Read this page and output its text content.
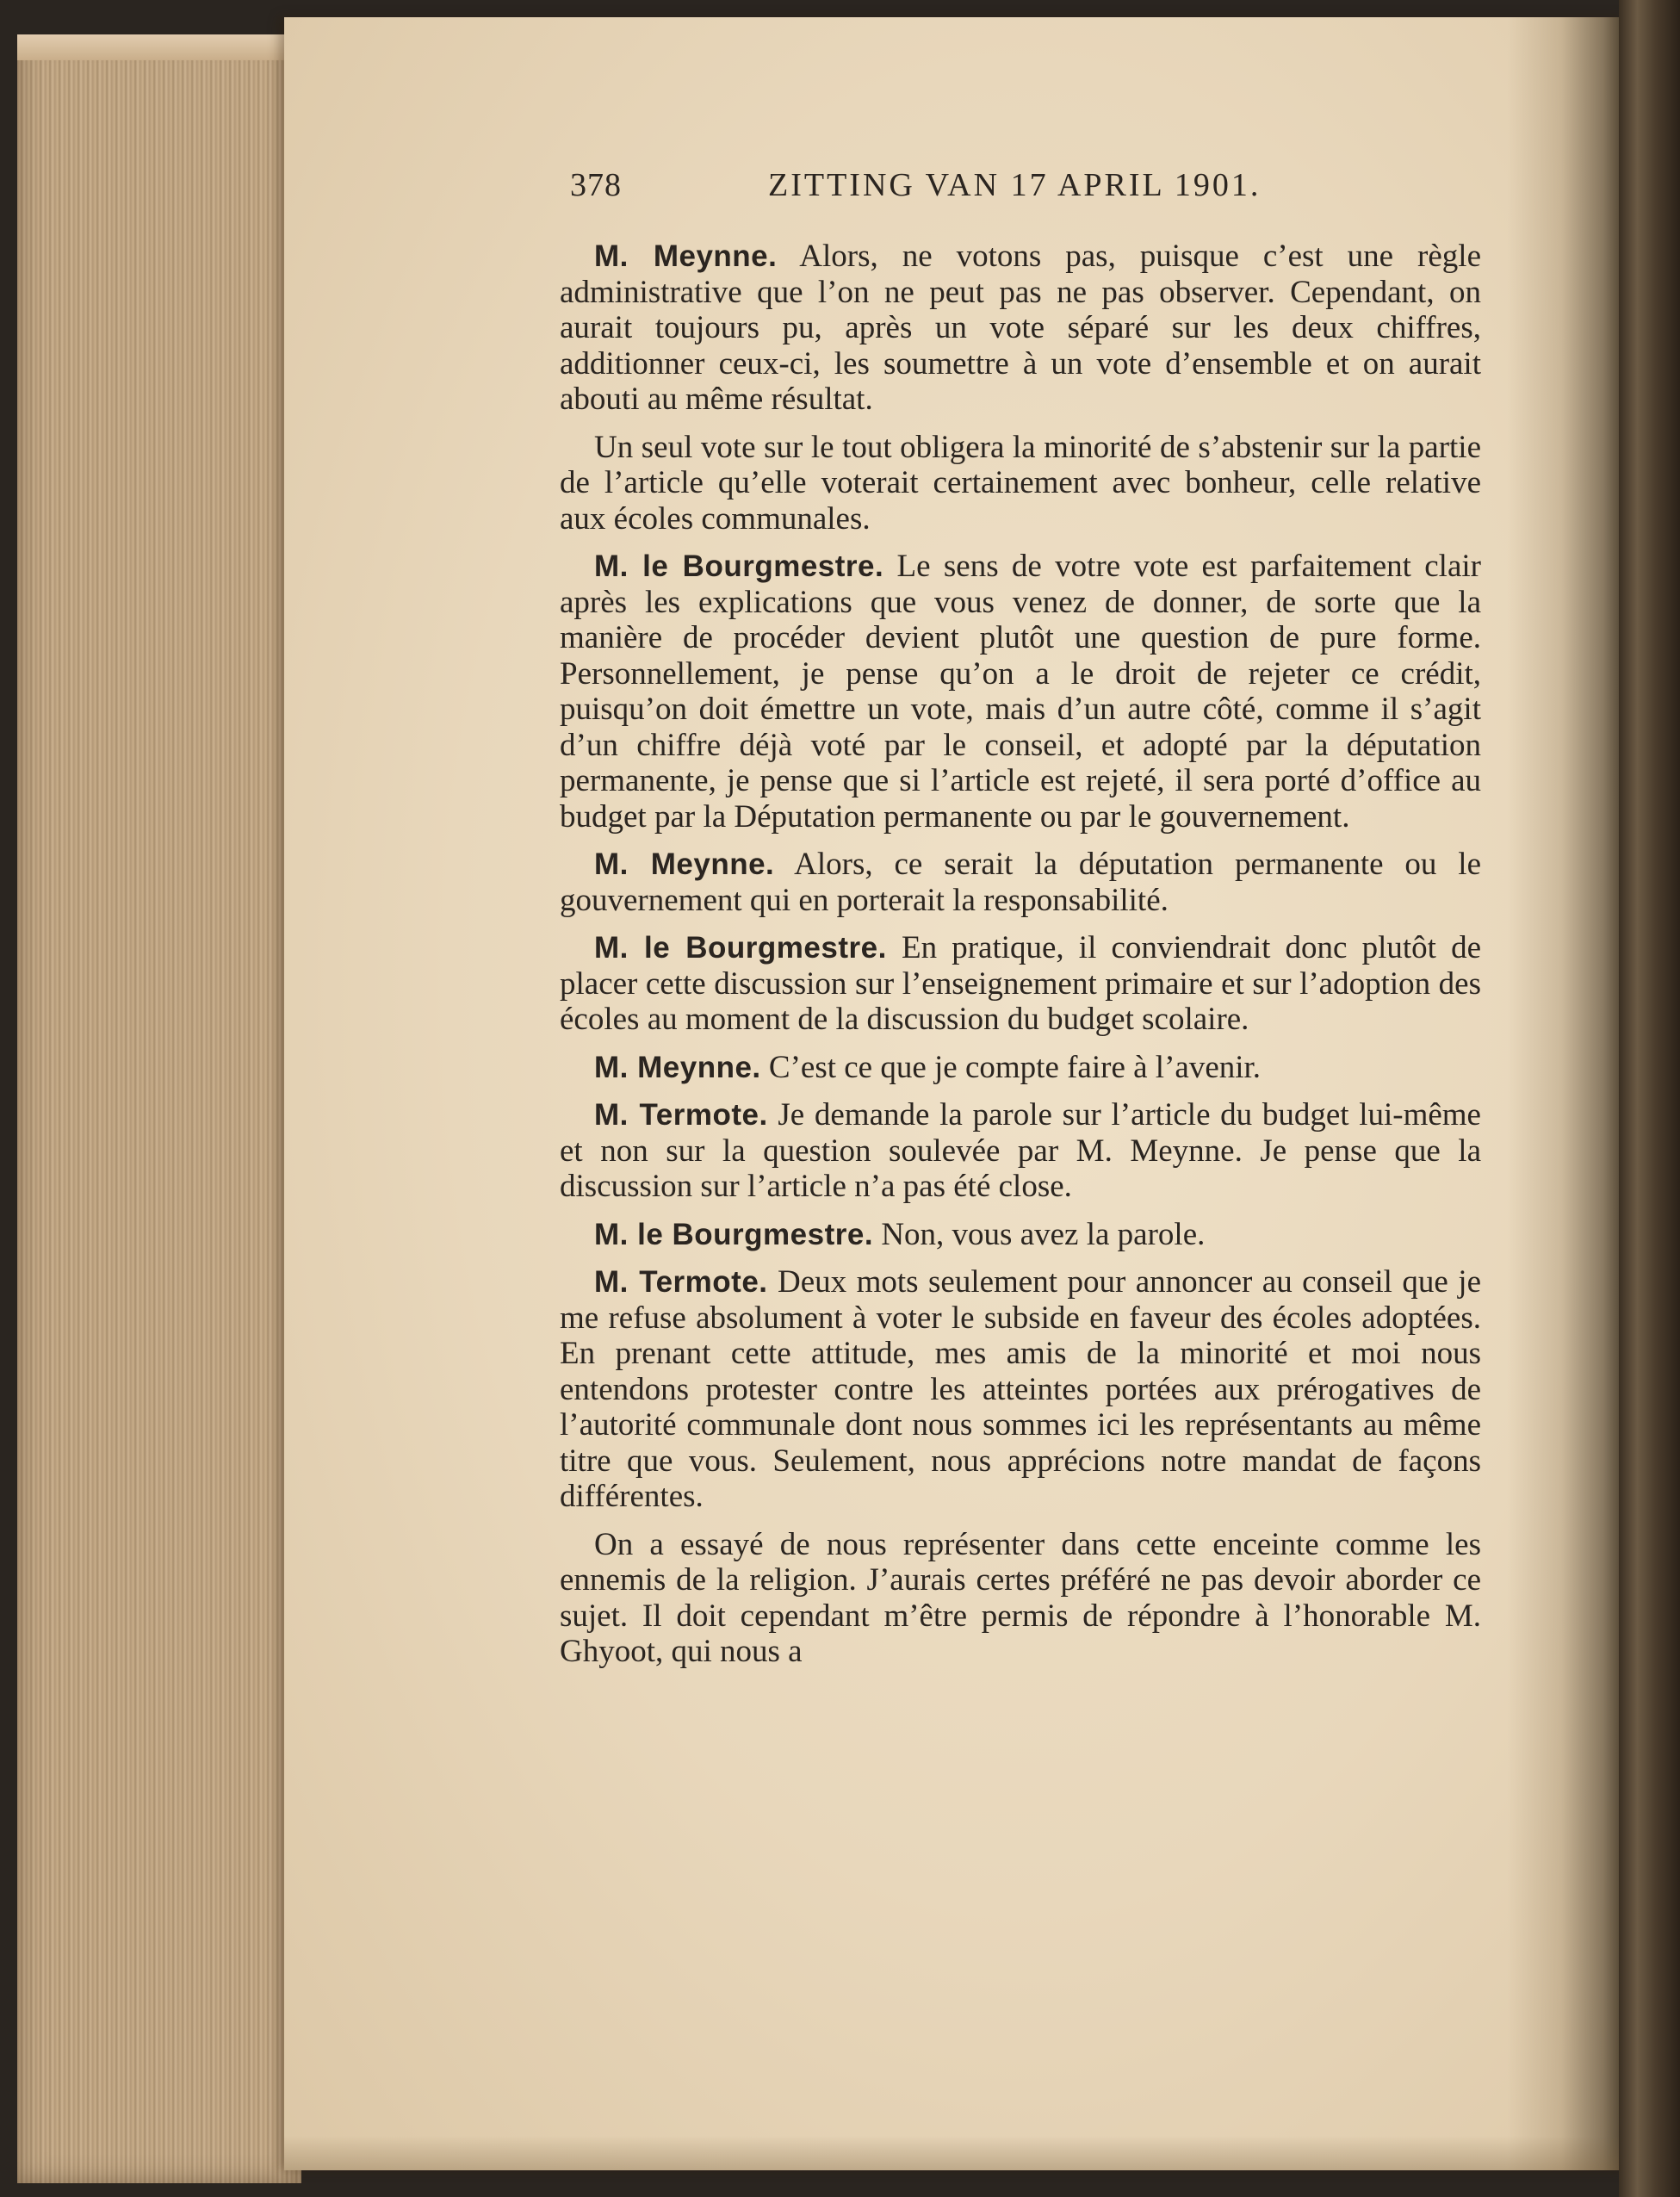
378	ZITTING VAN 17 APRIL 1901.

M. Meynne. Alors, ne votons pas, puisque c’est une règle administrative que l’on ne peut pas ne pas observer. Cependant, on aurait toujours pu, après un vote séparé sur les deux chiffres, additionner ceux-ci, les soumettre à un vote d’ensemble et on aurait abouti au même résultat.

Un seul vote sur le tout obligera la minorité de s’abstenir sur la partie de l’article qu’elle voterait certainement avec bonheur, celle relative aux écoles communales.

M. le Bourgmestre. Le sens de votre vote est parfaitement clair après les explications que vous venez de donner, de sorte que la manière de procéder devient plutôt une question de pure forme. Personnellement, je pense qu’on a le droit de rejeter ce crédit, puisqu’on doit émettre un vote, mais d’un autre côté, comme il s’agit d’un chiffre déjà voté par le conseil, et adopté par la députation permanente, je pense que si l’article est rejeté, il sera porté d’office au budget par la Députation permanente ou par le gouvernement.

M. Meynne. Alors, ce serait la députation permanente ou le gouvernement qui en porterait la responsabilité.

M. le Bourgmestre. En pratique, il conviendrait donc plutôt de placer cette discussion sur l’enseignement primaire et sur l’adoption des écoles au moment de la discussion du budget scolaire.

M. Meynne. C’est ce que je compte faire à l’avenir.

M. Termote. Je demande la parole sur l’article du budget lui-même et non sur la question soulevée par M. Meynne. Je pense que la discussion sur l’article n’a pas été close.

M. le Bourgmestre. Non, vous avez la parole.

M. Termote. Deux mots seulement pour annoncer au conseil que je me refuse absolument à voter le subside en faveur des écoles adoptées. En prenant cette attitude, mes amis de la minorité et moi nous entendons protester contre les atteintes portées aux prérogatives de l’autorité communale dont nous sommes ici les représentants au même titre que vous. Seulement, nous apprécions notre mandat de façons différentes.

On a essayé de nous représenter dans cette enceinte comme les ennemis de la religion. J’aurais certes préféré ne pas devoir aborder ce sujet. Il doit cependant m’être permis de répondre à l’honorable M. Ghyoot, qui nous a
